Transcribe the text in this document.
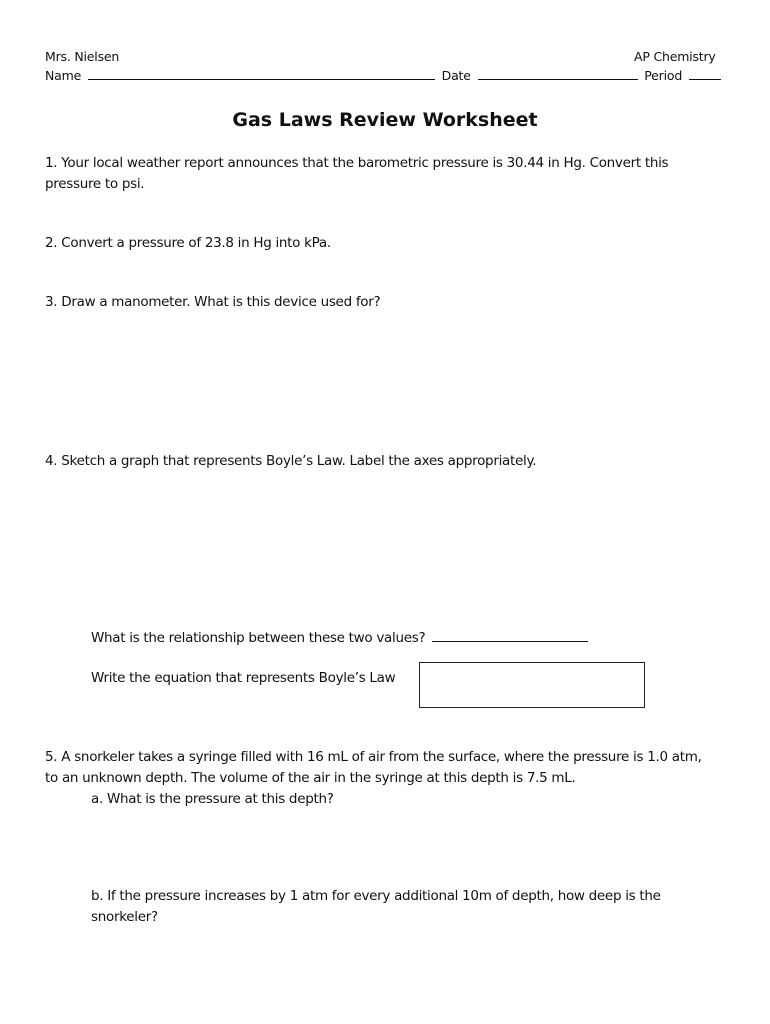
Mrs. Nielsen	AP Chemistry
Name	Date	Period
Gas Laws Review Worksheet
1. Your local weather report announces that the barometric pressure is 30.44 in Hg. Convert this
pressure to psi.
2. Convert a pressure of 23.8 in Hg into kPa.
3. Draw a manometer. What is this device used for?
4. Sketch a graph that represents Boyle’s Law. Label the axes appropriately.
What is the relationship between these two values?
Write the equation that represents Boyle’s Law
5. A snorkeler takes a syringe filled with 16 mL of air from the surface, where the pressure is 1.0 atm,
to an unknown depth. The volume of the air in the syringe at this depth is 7.5 mL.
a. What is the pressure at this depth?
b. If the pressure increases by 1 atm for every additional 10m of depth, how deep is the
snorkeler?
